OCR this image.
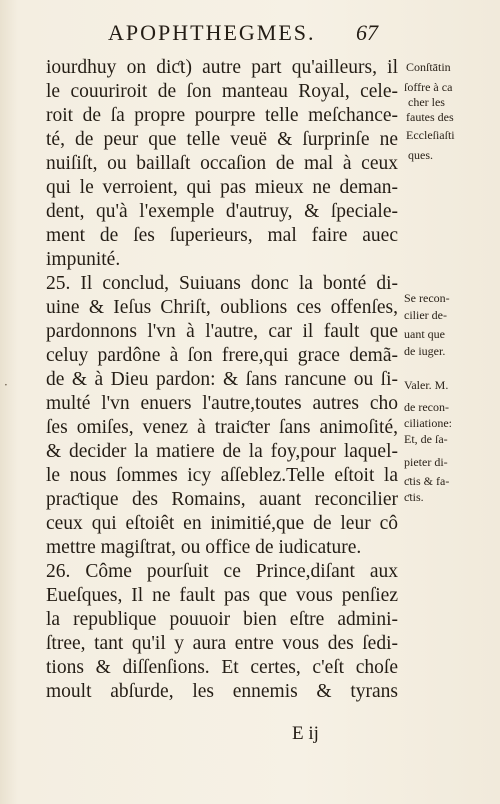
APOPHTHEGMES. 67
iourdhuy on diƈt) autre part qu'ailleurs, il
le couuriroit de ſon manteau Royal, cele-
roit de ſa propre pourpre telle meſchance-
té, de peur que telle veuë & ſurprinſe ne
nuiſiſt, ou baillaſt occaſion de mal à ceux
qui le verroient, qui pas mieux ne deman-
dent, qu'à l'exemple d'autruy, & ſpeciale-
ment de ſes ſuperieurs, mal faire auec
impunité.
25. Il conclud, Suiuans donc la bonté di-
uine & Ieſus Chriſt, oublions ces offenſes,
pardonnons l'vn à l'autre, car il fault que
celuy pardône à ſon frere,qui grace demã-
de & à Dieu pardon: & ſans rancune ou ſi-
multé l'vn enuers l'autre,toutes autres cho
ſes omiſes, venez à traiƈter ſans animoſité,
& decider la matiere de la foy,pour laquel-
le nous ſommes icy aſſeblez.Telle eſtoit la
praƈtique des Romains, auant reconcilier
ceux qui eſtoiêt en inimitié,que de leur cô
mettre magiſtrat, ou office de iudicature.
26. Côme pourſuit ce Prince,diſant aux
Eueſques, Il ne fault pas que vous penſiez
la republique pouuoir bien eſtre admini-
ſtree, tant qu'il y aura entre vous des ſedi-
tions & diſſenſions. Et certes, c'eſt choſe
moult abſurde, les ennemis & tyrans
E ij
Conſtātin
ſoffre à ca
cher les
fautes des
Eccleſiaſti
ques.
Se recon-
cilier de-
uant que
de iuger.
Valer. M.
de recon-
ciliatione:
Et, de ſa-
pieter di-
ƈtis & fa-
ƈtis.
·
